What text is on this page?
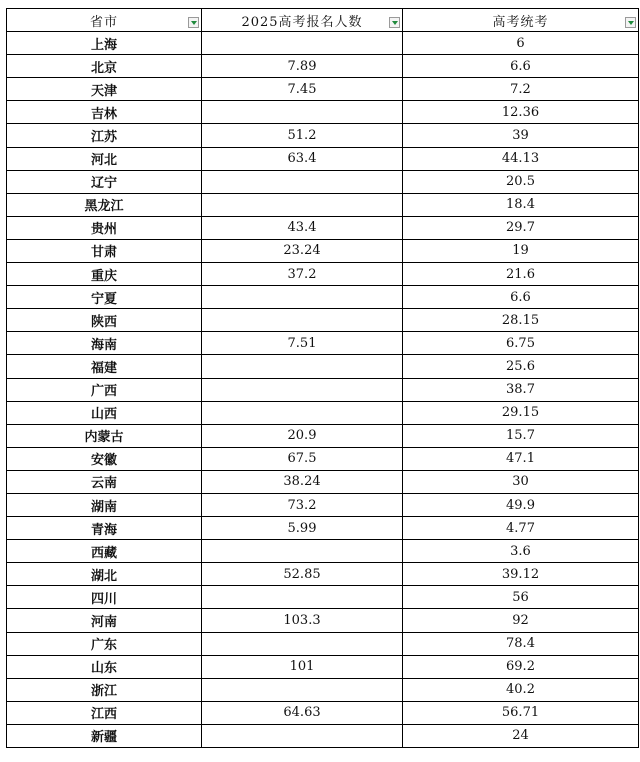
省市	2025高考报名人数	高考统考

上海		6
北京	7.89	6.6
天津	7.45	7.2
吉林		12.36
江苏	51.2	39
河北	63.4	44.13
辽宁		20.5
黑龙江		18.4
贵州	43.4	29.7
甘肃	23.24	19
重庆	37.2	21.6
宁夏		6.6
陕西		28.15
海南	7.51	6.75
福建		25.6
广西		38.7
山西		29.15
内蒙古	20.9	15.7
安徽	67.5	47.1
云南	38.24	30
湖南	73.2	49.9
青海	5.99	4.77
西藏		3.6
湖北	52.85	39.12
四川		56
河南	103.3	92
广东		78.4
山东	101	69.2
浙江		40.2
江西	64.63	56.71
新疆		24
